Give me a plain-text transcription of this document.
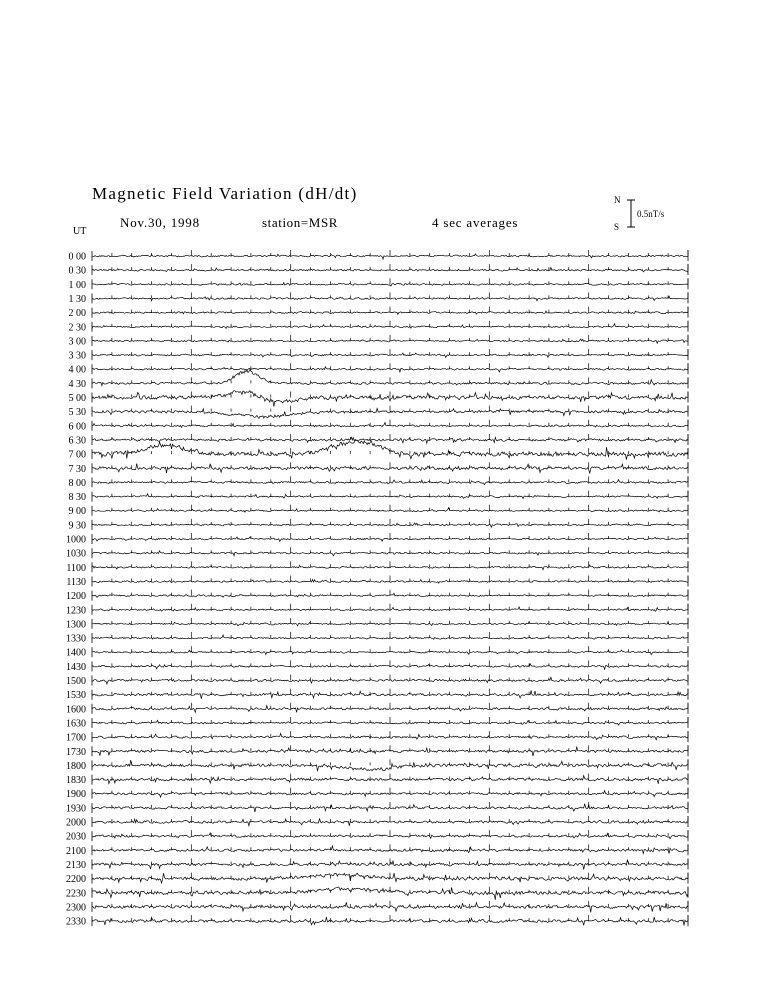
Magnetic Field Variation (dH/dt)
Nov.30, 1998	station=MSR	4 sec averages
UT
N
S
0.5nT/s
0 00
0 30
1 00
1 30
2 00
2 30
3 00
3 30
4 00
4 30
5 00
5 30
6 00
6 30
7 00
7 30
8 00
8 30
9 00
9 30
1000
1030
1100
1130
1200
1230
1300
1330
1400
1430
1500
1530
1600
1630
1700
1730
1800
1830
1900
1930
2000
2030
2100
2130
2200
2230
2300
2330
